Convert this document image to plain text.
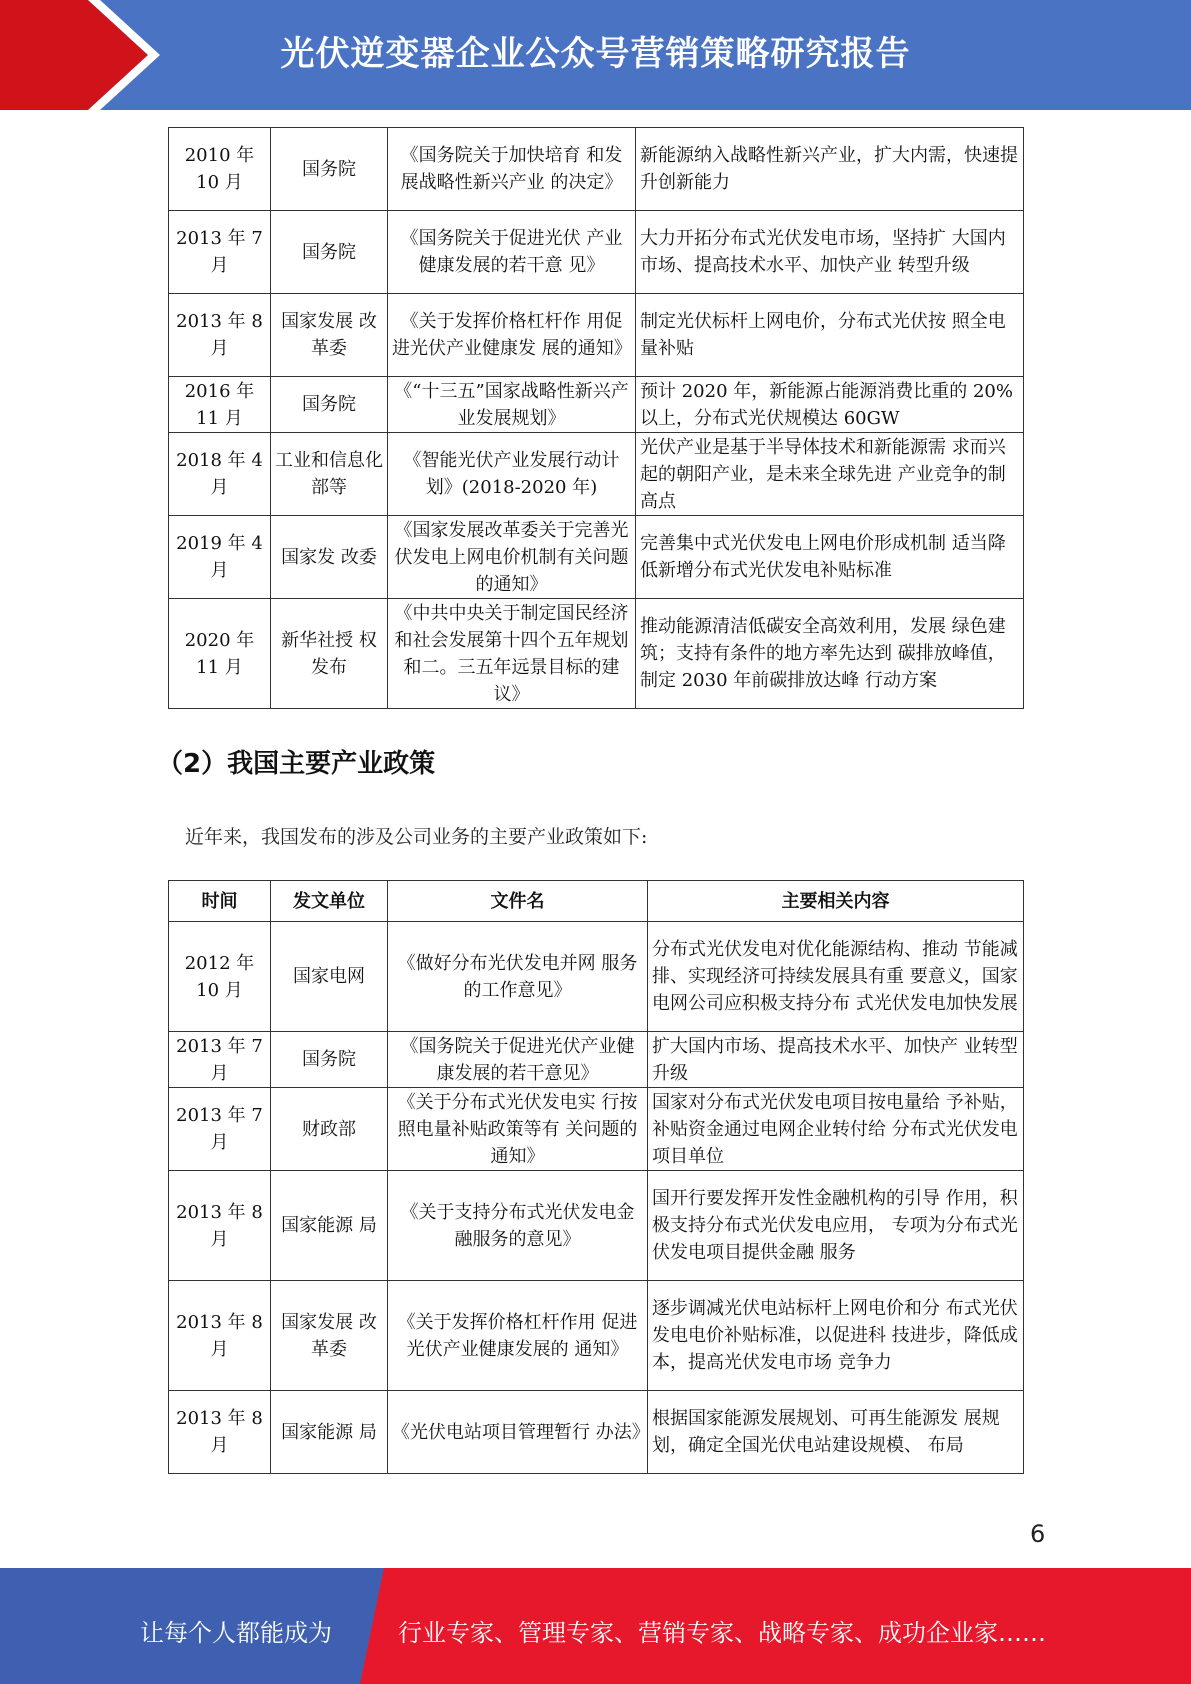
光伏逆变器企业公众号营销策略研究报告
2010 年 10 月	国务院	《国务院关于加快培育 和发展战略性新兴产业 的决定》	新能源纳入战略性新兴产业，扩大内需，快速提升创新能力
2013 年 7 月	国务院	《国务院关于促进光伏 产业健康发展的若干意 见》	大力开拓分布式光伏发电市场，坚持扩 大国内市场、提高技术水平、加快产业 转型升级
2013 年 8 月	国家发展 改革委	《关于发挥价格杠杆作 用促进光伏产业健康发 展的通知》	制定光伏标杆上网电价，分布式光伏按 照全电量补贴
2016 年 11 月	国务院	《“十三五”国家战略性新兴产业发展规划》	预计 2020 年，新能源占能源消费比重的 20%以上，分布式光伏规模达 60GW
2018 年 4 月	工业和信息化部等	《智能光伏产业发展行动计划》(2018-2020 年)	光伏产业是基于半导体技术和新能源需 求而兴起的朝阳产业，是未来全球先进 产业竞争的制高点
2019 年 4 月	国家发 改委	《国家发展改革委关于完善光伏发电上网电价机制有关问题的通知》	完善集中式光伏发电上网电价形成机制 适当降低新增分布式光伏发电补贴标准
2020 年 11 月	新华社授 权发布	《中共中央关于制定国民经济和社会发展第十四个五年规划和二。三五年远景目标的建议》	推动能源清洁低碳安全高效利用，发展 绿色建筑；支持有条件的地方率先达到 碳排放峰值，制定 2030 年前碳排放达峰 行动方案
（2）我国主要产业政策
近年来，我国发布的涉及公司业务的主要产业政策如下:
时间	发文单位	文件名	主要相关内容
2012 年 10 月	国家电网	《做好分布光伏发电并网 服务的工作意见》	分布式光伏发电对优化能源结构、推动 节能减排、实现经济可持续发展具有重 要意义，国家电网公司应积极支持分布 式光伏发电加快发展
2013 年 7 月	国务院	《国务院关于促进光伏产业健康发展的若干意见》	扩大国内市场、提高技术水平、加快产 业转型升级
2013 年 7 月	财政部	《关于分布式光伏发电实 行按照电量补贴政策等有 关问题的通知》	国家对分布式光伏发电项目按电量给 予补贴，补贴资金通过电网企业转付给 分布式光伏发电项目单位
2013 年 8 月	国家能源 局	《关于支持分布式光伏发电金融服务的意见》	国开行要发挥开发性金融机构的引导 作用，积极支持分布式光伏发电应用， 专项为分布式光伏发电项目提供金融 服务
2013 年 8 月	国家发展 改革委	《关于发挥价格杠杆作用 促进光伏产业健康发展的 通知》	逐步调减光伏电站标杆上网电价和分 布式光伏发电电价补贴标准，以促进科 技进步，降低成本，提高光伏发电市场 竞争力
2013 年 8 月	国家能源 局	《光伏电站项目管理暂行 办法》	根据国家能源发展规划、可再生能源发 展规划，确定全国光伏电站建设规模、 布局
6
让每个人都能成为	行业专家、管理专家、营销专家、战略专家、成功企业家……
